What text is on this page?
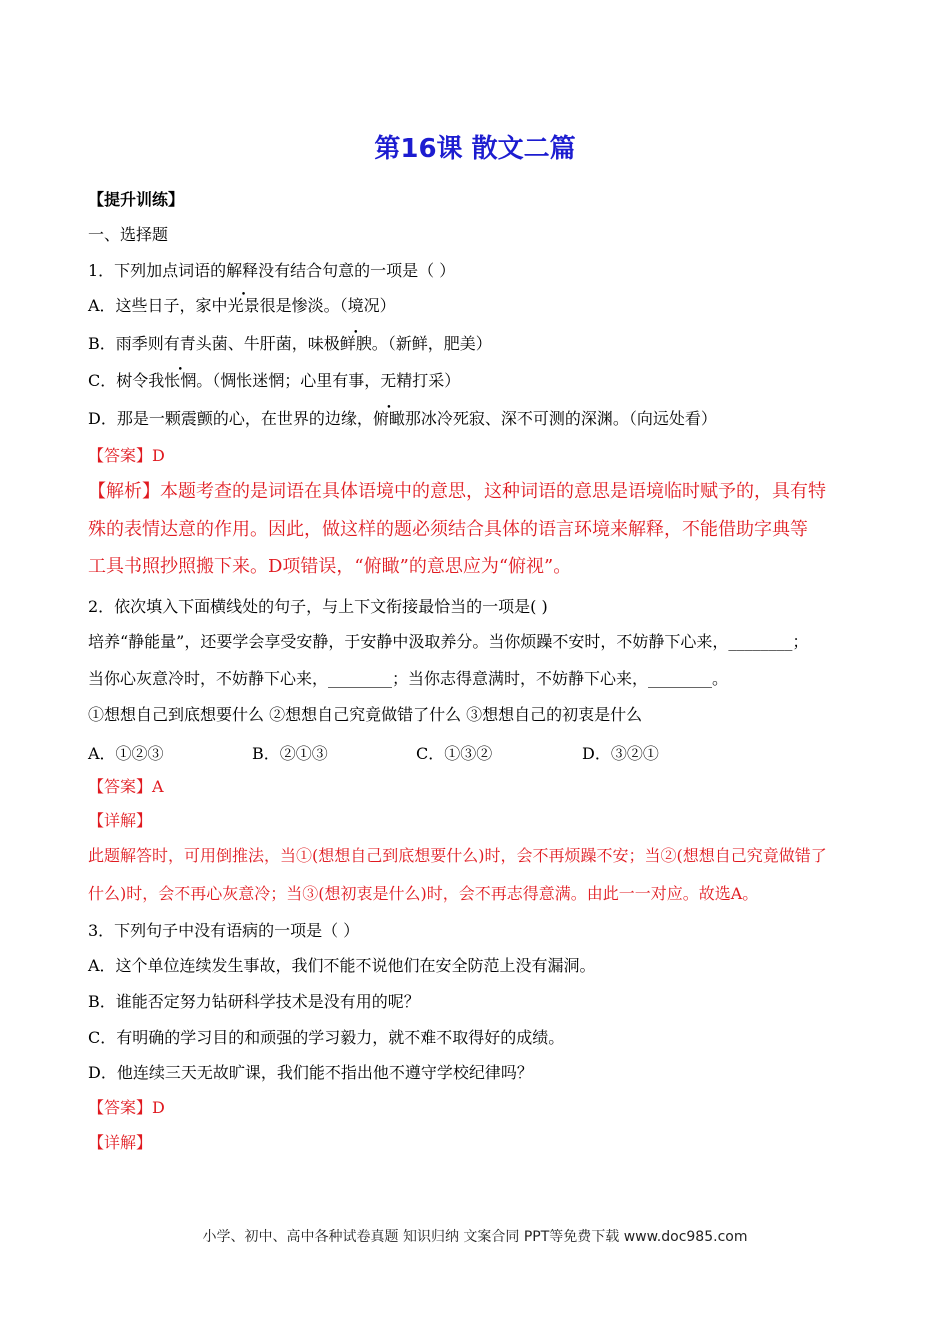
第16课 散文二篇
【提升训练】
一、选择题
1．下列加点词语的解释没有结合句意的一项是（ ）
A．这些日子，家中光景很是惨淡。（境况）
B．雨季则有青头菌、牛肝菌，味极鲜腴。（新鲜，肥美）
C．树令我怅惘。（惆怅迷惘；心里有事，无精打采）
D．那是一颗震颤的心，在世界的边缘，俯瞰那冰冷死寂、深不可测的深渊。（向远处看）
【答案】D
【解析】本题考查的是词语在具体语境中的意思，这种词语的意思是语境临时赋予的，具有特
殊的表情达意的作用。因此，做这样的题必须结合具体的语言环境来解释，不能借助字典等
工具书照抄照搬下来。D项错误，“俯瞰”的意思应为“俯视”。
2．依次填入下面横线处的句子，与上下文衔接最恰当的一项是( )
培养“静能量”，还要学会享受安静，于安静中汲取养分。当你烦躁不安时，不妨静下心来，________；
当你心灰意冷时，不妨静下心来，________；当你志得意满时，不妨静下心来，________。
①想想自己到底想要什么 ②想想自己究竟做错了什么 ③想想自己的初衷是什么
A．①②③	B．②①③	C．①③②	D．③②①
【答案】A
【详解】
此题解答时，可用倒推法，当①(想想自己到底想要什么)时，会不再烦躁不安；当②(想想自己究竟做错了
什么)时，会不再心灰意冷；当③(想初衷是什么)时，会不再志得意满。由此一一对应。故选A。
3．下列句子中没有语病的一项是（ ）
A．这个单位连续发生事故，我们不能不说他们在安全防范上没有漏洞。
B．谁能否定努力钻研科学技术是没有用的呢？
C．有明确的学习目的和顽强的学习毅力，就不难不取得好的成绩。
D．他连续三天无故旷课，我们能不指出他不遵守学校纪律吗？
【答案】D
【详解】
小学、初中、高中各种试卷真题 知识归纳 文案合同 PPT等免费下载 www.doc985.com
